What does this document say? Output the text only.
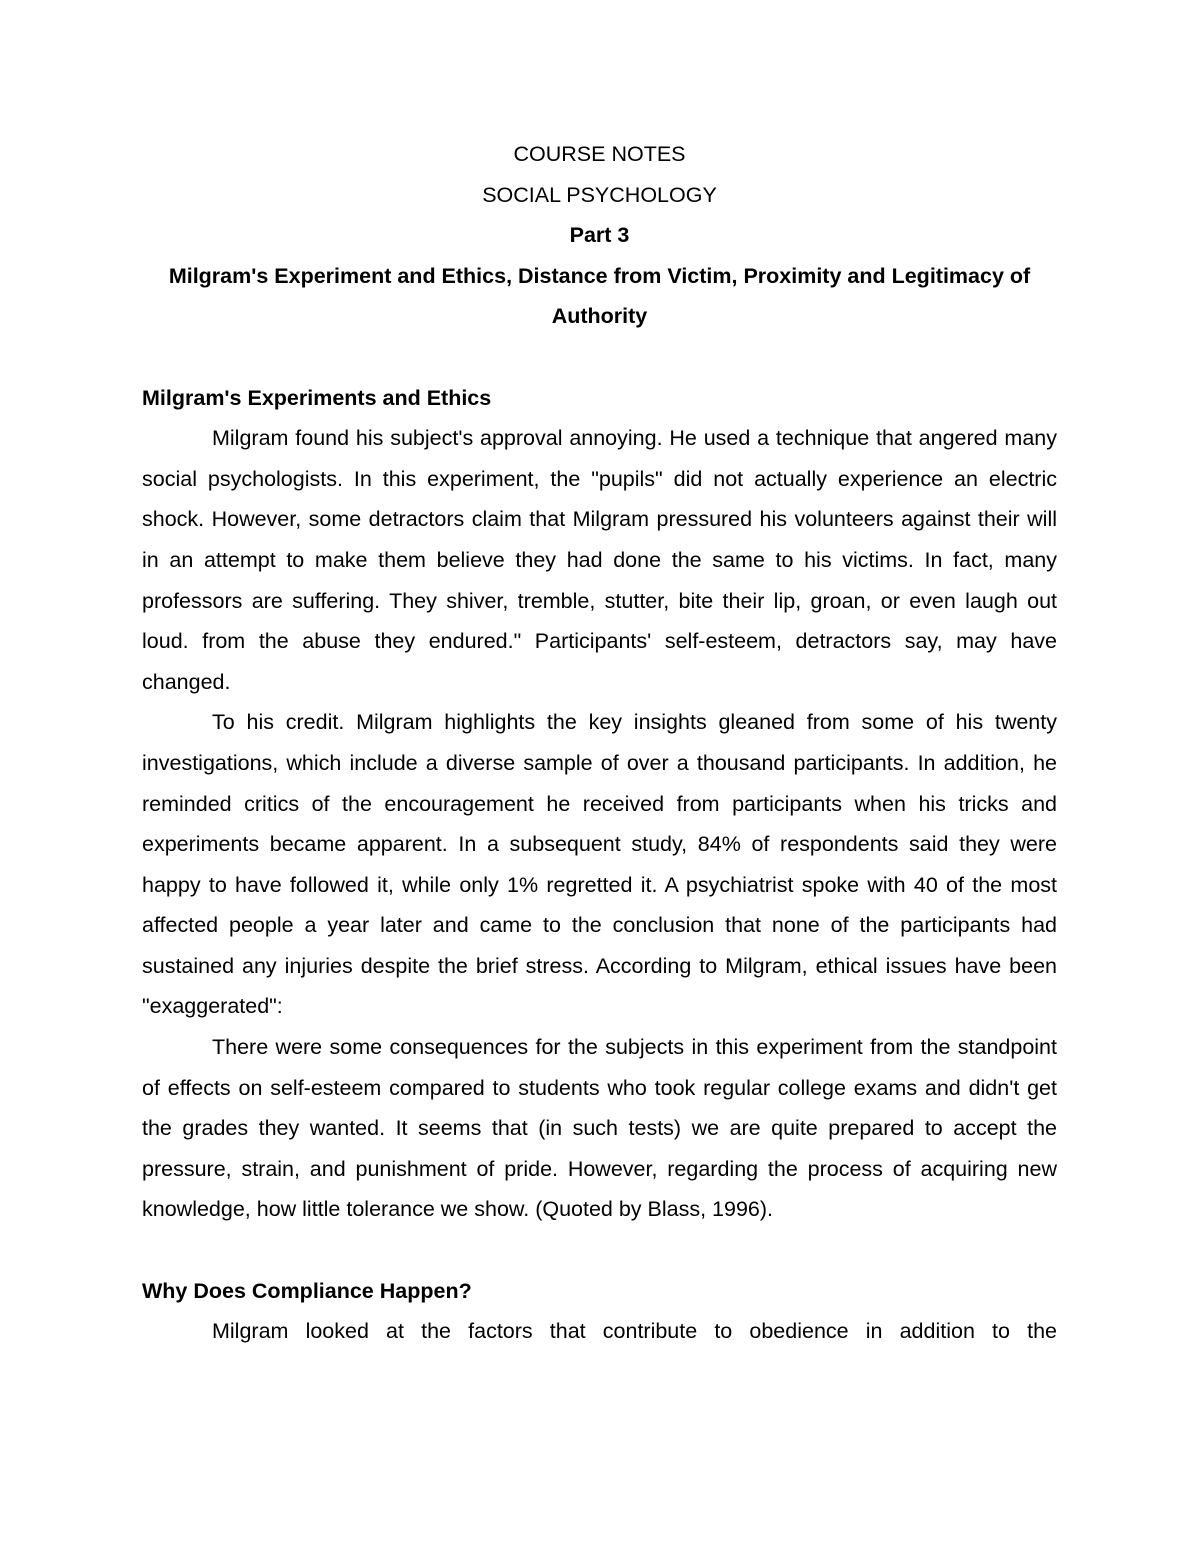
COURSE NOTES

SOCIAL PSYCHOLOGY

Part 3

Milgram's Experiment and Ethics, Distance from Victim, Proximity and Legitimacy of Authority

Milgram's Experiments and Ethics

Milgram found his subject's approval annoying. He used a technique that angered many social psychologists. In this experiment, the "pupils" did not actually experience an electric shock. However, some detractors claim that Milgram pressured his volunteers against their will in an attempt to make them believe they had done the same to his victims. In fact, many professors are suffering. They shiver, tremble, stutter, bite their lip, groan, or even laugh out loud. from the abuse they endured." Participants' self-esteem, detractors say, may have changed.

To his credit. Milgram highlights the key insights gleaned from some of his twenty investigations, which include a diverse sample of over a thousand participants. In addition, he reminded critics of the encouragement he received from participants when his tricks and experiments became apparent. In a subsequent study, 84% of respondents said they were happy to have followed it, while only 1% regretted it. A psychiatrist spoke with 40 of the most affected people a year later and came to the conclusion that none of the participants had sustained any injuries despite the brief stress. According to Milgram, ethical issues have been "exaggerated":

There were some consequences for the subjects in this experiment from the standpoint of effects on self-esteem compared to students who took regular college exams and didn't get the grades they wanted. It seems that (in such tests) we are quite prepared to accept the pressure, strain, and punishment of pride. However, regarding the process of acquiring new knowledge, how little tolerance we show. (Quoted by Blass, 1996).

Why Does Compliance Happen?

Milgram looked at the factors that contribute to obedience in addition to the
